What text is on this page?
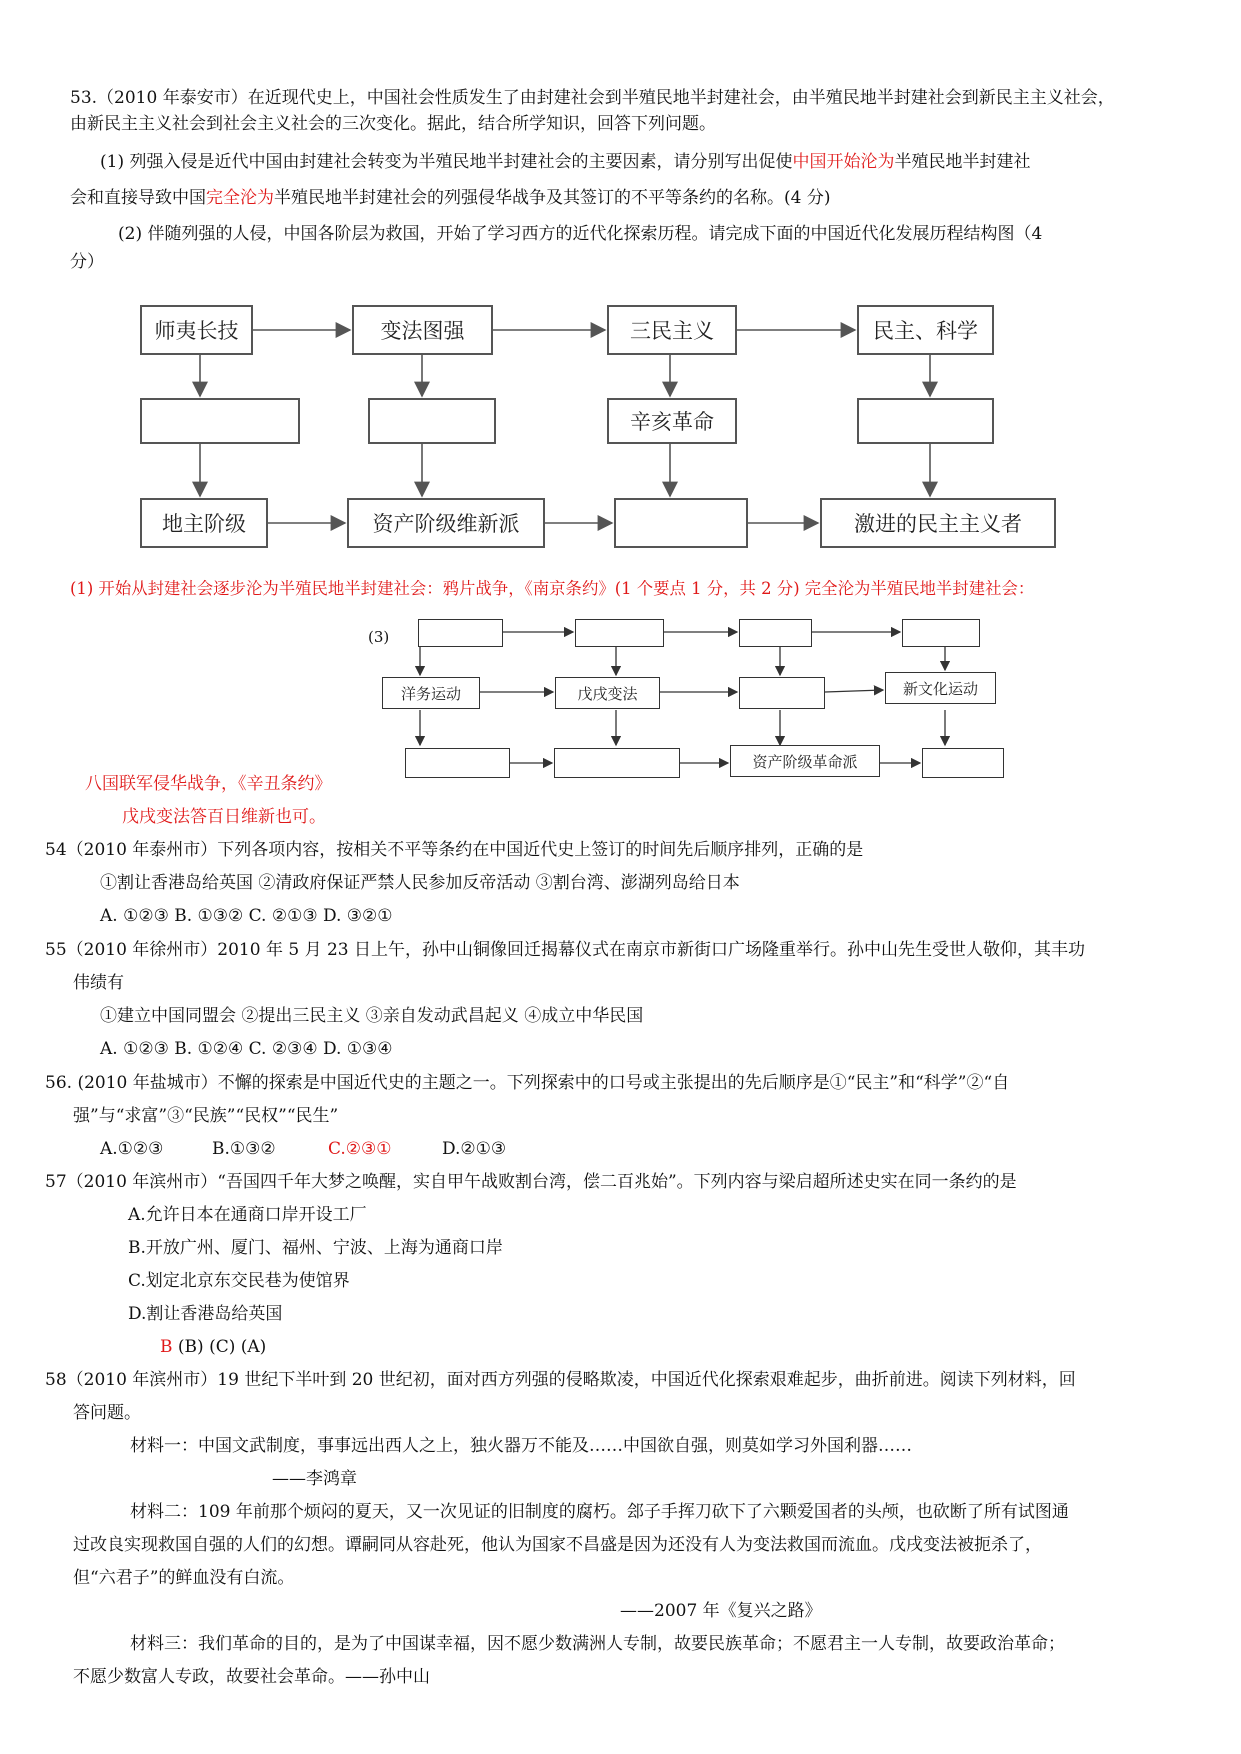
53.（2010 年泰安市）在近现代史上，中国社会性质发生了由封建社会到半殖民地半封建社会，由半殖民地半封建社会到新民主主义社会，
由新民主主义社会到社会主义社会的三次变化。据此，结合所学知识，回答下列问题。
(1) 列强入侵是近代中国由封建社会转变为半殖民地半封建社会的主要因素，请分别写出促使中国开始沦为半殖民地半封建社
会和直接导致中国完全沦为半殖民地半封建社会的列强侵华战争及其签订的不平等条约的名称。(4 分)
(2) 伴随列强的人侵，中国各阶层为救国，开始了学习西方的近代化探索历程。请完成下面的中国近代化发展历程结构图（4
分）
师夷长技	变法图强	三民主义	民主、科学
辛亥革命
地主阶级	资产阶级维新派	激进的民主主义者
(1) 开始从封建社会逐步沦为半殖民地半封建社会：鸦片战争，《南京条约》(1 个要点 1 分，共 2 分) 完全沦为半殖民地半封建社会：
(3)
洋务运动	戊戌变法	新文化运动
资产阶级革命派
八国联军侵华战争，《辛丑条约》
戊戌变法答百日维新也可。
54（2010 年泰州市）下列各项内容，按相关不平等条约在中国近代史上签订的时间先后顺序排列，正确的是
①割让香港岛给英国 ②清政府保证严禁人民参加反帝活动 ③割台湾、澎湖列岛给日本
A. ①②③ B. ①③② C. ②①③ D. ③②①
55（2010 年徐州市）2010 年 5 月 23 日上午，孙中山铜像回迁揭幕仪式在南京市新街口广场隆重举行。孙中山先生受世人敬仰，其丰功
伟绩有
①建立中国同盟会 ②提出三民主义 ③亲自发动武昌起义 ④成立中华民国
A. ①②③ B. ①②④ C. ②③④ D. ①③④
56. (2010 年盐城市）不懈的探索是中国近代史的主题之一。下列探索中的口号或主张提出的先后顺序是①“民主”和“科学”②“自
强”与“求富”③“民族”“民权”“民生”
A.①②③	B.①③②	C.②③①	D.②①③
57（2010 年滨州市）“吾国四千年大梦之唤醒，实自甲午战败割台湾，偿二百兆始”。下列内容与梁启超所述史实在同一条约的是
A.允许日本在通商口岸开设工厂
B.开放广州、厦门、福州、宁波、上海为通商口岸
C.划定北京东交民巷为使馆界
D.割让香港岛给英国
B (B) (C) (A)
58（2010 年滨州市）19 世纪下半叶到 20 世纪初，面对西方列强的侵略欺凌，中国近代化探索艰难起步，曲折前进。阅读下列材料，回
答问题。
材料一：中国文武制度，事事远出西人之上，独火器万不能及……中国欲自强，则莫如学习外国利器……
——李鸿章
材料二：109 年前那个烦闷的夏天，又一次见证的旧制度的腐朽。郐子手挥刀砍下了六颗爱国者的头颅，也砍断了所有试图通
过改良实现救国自强的人们的幻想。谭嗣同从容赴死，他认为国家不昌盛是因为还没有人为变法救国而流血。戊戌变法被扼杀了，
但“六君子”的鲜血没有白流。
——2007 年《复兴之路》
材料三：我们革命的目的，是为了中国谋幸福，因不愿少数满洲人专制，故要民族革命；不愿君主一人专制，故要政治革命；
不愿少数富人专政，故要社会革命。——孙中山
